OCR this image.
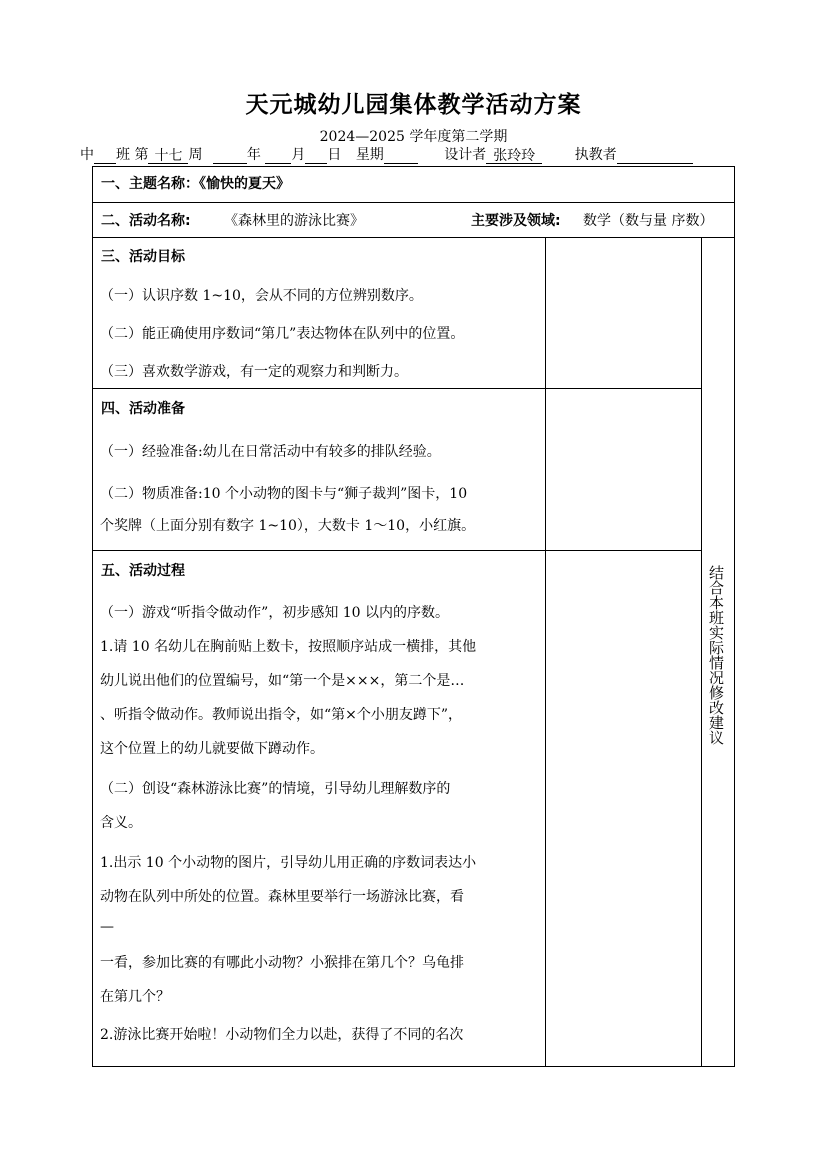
天元城幼儿园集体教学活动方案
2024—2025 学年度第二学期
中 班 第 十七 周	年 月 日 星期	设计者 张玲玲	执教者
一、主题名称：《愉快的夏天》
二、活动名称: 《森林里的游泳比赛》	主要涉及领域: 数学（数与量 序数）
三、活动目标

（一）认识序数 1~10，会从不同的方位辨别数序。

（二）能正确使用序数词“第几”表达物体在队列中的位置。

（三）喜欢数学游戏，有一定的观察力和判断力。

四、活动准备

（一）经验准备:幼儿在日常活动中有较多的排队经验。

（二）物质准备:10 个小动物的图卡与“狮子裁判”图卡，10

个奖牌（上面分别有数字 1~10），大数卡 1～10，小红旗。

五、活动过程

（一）游戏“听指令做动作”，初步感知 10 以内的序数。

1.请 10 名幼儿在胸前贴上数卡，按照顺序站成一横排，其他

幼儿说出他们的位置编号，如“第一个是×××，第二个是…

、听指令做动作。教师说出指令，如“第×个小朋友蹲下”，

这个位置上的幼儿就要做下蹲动作。

（二）创设“森林游泳比赛”的情境，引导幼儿理解数序的

含义。

1.出示 10 个小动物的图片，引导幼儿用正确的序数词表达小

动物在队列中所处的位置。森林里要举行一场游泳比赛，看

—

一看，参加比赛的有哪此小动物？小猴排在第几个？乌龟排

在第几个？

2.游泳比赛开始啦！小动物们全力以赴，获得了不同的名次

结合本班实际情况修改建议
